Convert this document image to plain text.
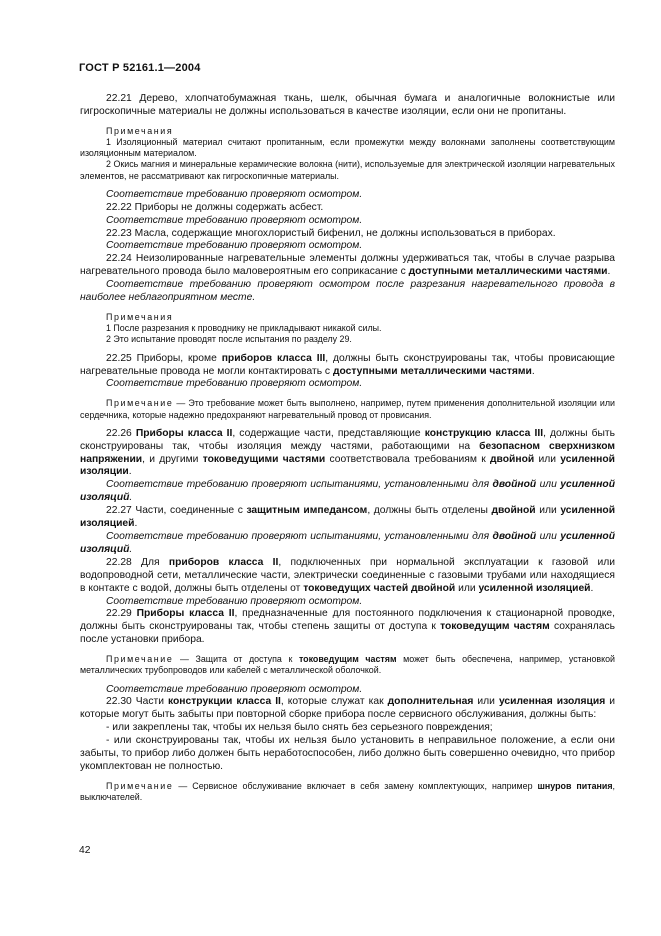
ГОСТ Р 52161.1—2004

22.21 Дерево, хлопчатобумажная ткань, шелк, обычная бумага и аналогичные волокнистые или гигроскопичные материалы не должны использоваться в качестве изоляции, если они не пропитаны.

Примечания

1 Изоляционный материал считают пропитанным, если промежутки между волокнами заполнены соответствующим изоляционным материалом.

2 Окись магния и минеральные керамические волокна (нити), используемые для электрической изоляции нагревательных элементов, не рассматривают как гигроскопичные материалы.

Соответствие требованию проверяют осмотром.

22.22 Приборы не должны содержать асбест.

Соответствие требованию проверяют осмотром.

22.23 Масла, содержащие многохлористый бифенил, не должны использоваться в приборах.

Соответствие требованию проверяют осмотром.

22.24 Неизолированные нагревательные элементы должны удерживаться так, чтобы в случае разрыва нагревательного провода было маловероятным его соприкасание с доступными металлическими частями.

Соответствие требованию проверяют осмотром после разрезания нагревательного провода в наиболее неблагоприятном месте.

Примечания

1 После разрезания к проводнику не прикладывают никакой силы.

2 Это испытание проводят после испытания по разделу 29.

22.25 Приборы, кроме приборов класса III, должны быть сконструированы так, чтобы провисающие нагревательные провода не могли контактировать с доступными металлическими частями.

Соответствие требованию проверяют осмотром.

Примечание — Это требование может быть выполнено, например, путем применения дополнительной изоляции или сердечника, которые надежно предохраняют нагревательный провод от провисания.

22.26 Приборы класса II, содержащие части, представляющие конструкцию класса III, должны быть сконструированы так, чтобы изоляция между частями, работающими на безопасном сверхнизком напряжении, и другими токоведущими частями соответствовала требованиям к двойной или усиленной изоляции.

Соответствие требованию проверяют испытаниями, установленными для двойной или усиленной изоляций.

22.27 Части, соединенные с защитным импедансом, должны быть отделены двойной или усиленной изоляцией.

Соответствие требованию проверяют испытаниями, установленными для двойной или усиленной изоляций.

22.28 Для приборов класса II, подключенных при нормальной эксплуатации к газовой или водопроводной сети, металлические части, электрически соединенные с газовыми трубами или находящиеся в контакте с водой, должны быть отделены от токоведущих частей двойной или усиленной изоляцией.

Соответствие требованию проверяют осмотром.

22.29 Приборы класса II, предназначенные для постоянного подключения к стационарной проводке, должны быть сконструированы так, чтобы степень защиты от доступа к токоведущим частям сохранялась после установки прибора.

Примечание — Защита от доступа к токоведущим частям может быть обеспечена, например, установкой металлических трубопроводов или кабелей с металлической оболочкой.

Соответствие требованию проверяют осмотром.

22.30 Части конструкции класса II, которые служат как дополнительная или усиленная изоляция и которые могут быть забыты при повторной сборке прибора после сервисного обслуживания, должны быть:

- или закреплены так, чтобы их нельзя было снять без серьезного повреждения;

- или сконструированы так, чтобы их нельзя было установить в неправильное положение, а если они забыты, то прибор либо должен быть неработоспособен, либо должно быть совершенно очевидно, что прибор укомплектован не полностью.

Примечание — Сервисное обслуживание включает в себя замену комплектующих, например шнуров питания, выключателей.

42
